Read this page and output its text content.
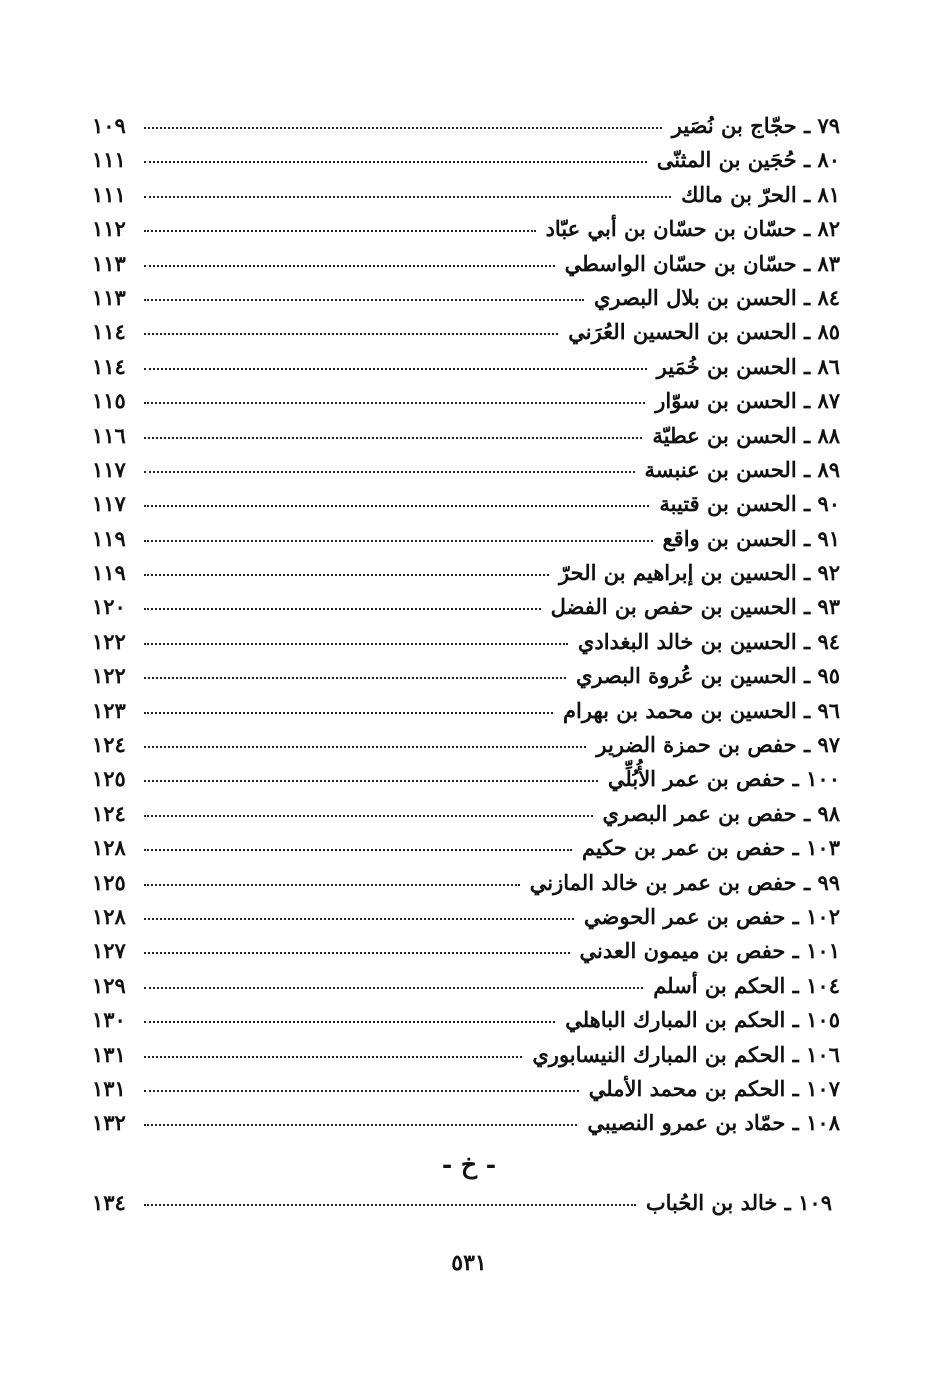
٧٩ ـ حجّاج بن نُصَير
١٠٩
٨٠ ـ حُجَين بن المثنّى
١١١
٨١ ـ الحرّ بن مالك
١١١
٨٢ ـ حسّان بن حسّان بن أبي عبّاد
١١٢
٨٣ ـ حسّان بن حسّان الواسطي
١١٣
٨٤ ـ الحسن بن بلال البصري
١١٣
٨٥ ـ الحسن بن الحسين العُرَني
١١٤
٨٦ ـ الحسن بن خُمَير
١١٤
٨٧ ـ الحسن بن سوّار
١١٥
٨٨ ـ الحسن بن عطيّة
١١٦
٨٩ ـ الحسن بن عنبسة
١١٧
٩٠ ـ الحسن بن قتيبة
١١٧
٩١ ـ الحسن بن واقع
١١٩
٩٢ ـ الحسين بن إبراهيم بن الحرّ
١١٩
٩٣ ـ الحسين بن حفص بن الفضل
١٢٠
٩٤ ـ الحسين بن خالد البغدادي
١٢٢
٩٥ ـ الحسين بن عُروة البصري
١٢٢
٩٦ ـ الحسين بن محمد بن بهرام
١٢٣
٩٧ ـ حفص بن حمزة الضرير
١٢٤
١٠٠ ـ حفص بن عمر الأُبُلِّي
١٢٥
٩٨ ـ حفص بن عمر البصري
١٢٤
١٠٣ ـ حفص بن عمر بن حكيم
١٢٨
٩٩ ـ حفص بن عمر بن خالد المازني
١٢٥
١٠٢ ـ حفص بن عمر الحوضي
١٢٨
١٠١ ـ حفص بن ميمون العدني
١٢٧
١٠٤ ـ الحكم بن أسلم
١٢٩
١٠٥ ـ الحكم بن المبارك الباهلي
١٣٠
١٠٦ ـ الحكم بن المبارك النيسابوري
١٣١
١٠٧ ـ الحكم بن محمد الأملي
١٣١
١٠٨ ـ حمّاد بن عمرو النصيبي
١٣٢
- خ -
١٠٩ ـ خالد بن الحُباب
١٣٤
٥٣١
